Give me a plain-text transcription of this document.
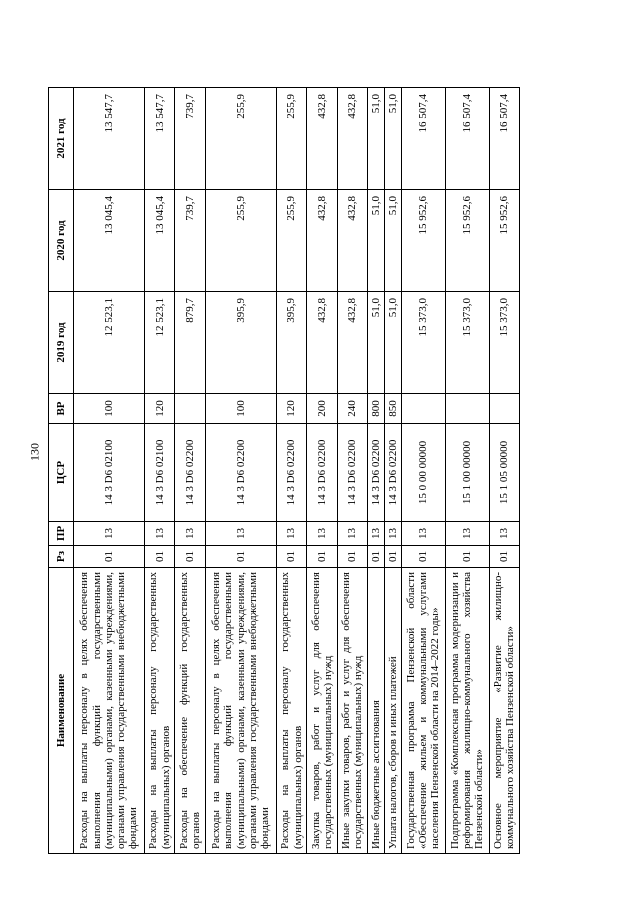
130
Наименование	Рз	ПР	ЦСР	ВР	2019 год	2020 год	2021 год
Расходы на выплаты персоналу в целях обеспечения выполнения функций государственными (муниципальными) органами, казенными учреждениями, органами управления государственными внебюджетными фондами	01	13	14 3 D6 02100	100	12 523,1	13 045,4	13 547,7
Расходы на выплаты персоналу государственных (муниципальных) органов	01	13	14 3 D6 02100	120	12 523,1	13 045,4	13 547,7
Расходы на обеспечение функций государственных органов	01	13	14 3 D6 02200		879,7	739,7	739,7
Расходы на выплаты персоналу в целях обеспечения выполнения функций государственными (муниципальными) органами, казенными учреждениями, органами управления государственными внебюджетными фондами	01	13	14 3 D6 02200	100	395,9	255,9	255,9
Расходы на выплаты персоналу государственных (муниципальных) органов	01	13	14 3 D6 02200	120	395,9	255,9	255,9
Закупка товаров, работ и услуг для обеспечения государственных (муниципальных) нужд	01	13	14 3 D6 02200	200	432,8	432,8	432,8
Иные закупки товаров, работ и услуг для обеспечения государственных (муниципальных) нужд	01	13	14 3 D6 02200	240	432,8	432,8	432,8
Иные бюджетные ассигнования	01	13	14 3 D6 02200	800	51,0	51,0	51,0
Уплата налогов, сборов и иных платежей	01	13	14 3 D6 02200	850	51,0	51,0	51,0
Государственная программа Пензенской области «Обеспечение жильем и коммунальными услугами населения Пензенской области на 2014–2022 годы»	01	13	15 0 00 00000		15 373,0	15 952,6	16 507,4
Подпрограмма «Комплексная программа модернизации и реформирования жилищно-коммунального хозяйства Пензенской области»	01	13	15 1 00 00000		15 373,0	15 952,6	16 507,4
Основное мероприятие «Развитие жилищно-коммунального хозяйства Пензенской области»	01	13	15 1 05 00000		15 373,0	15 952,6	16 507,4
